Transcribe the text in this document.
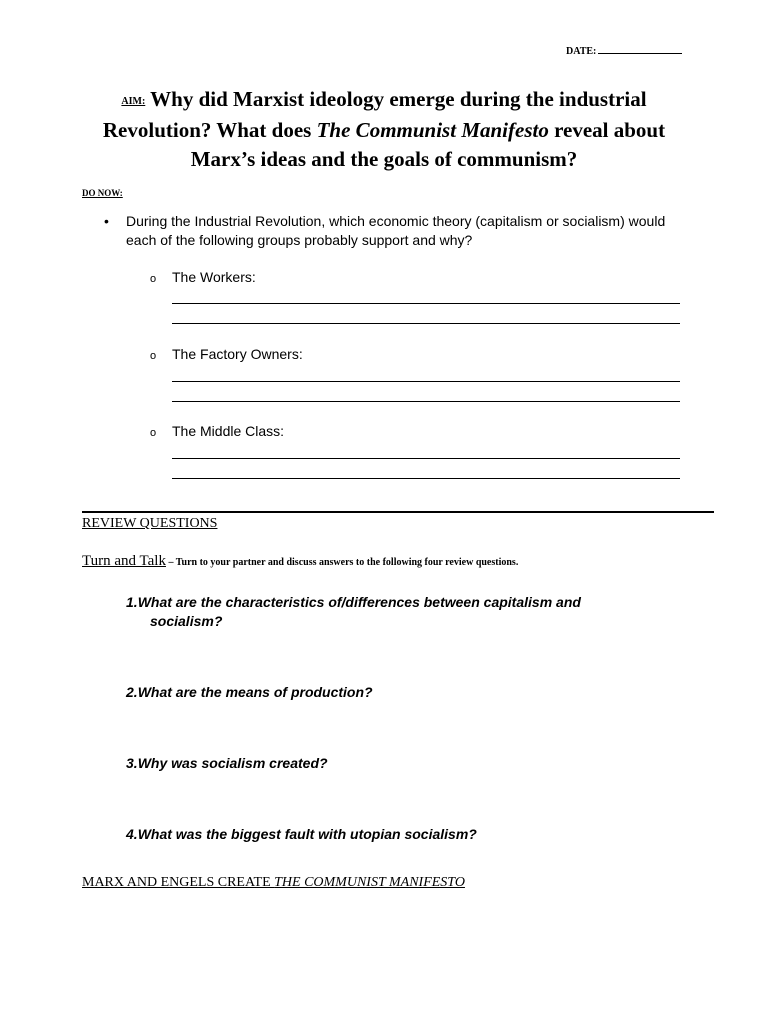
DATE:
AIM: Why did Marxist ideology emerge during the industrial Revolution? What does The Communist Manifesto reveal about Marx’s ideas and the goals of communism?
DO NOW:
• During the Industrial Revolution, which economic theory (capitalism or socialism) would each of the following groups probably support and why?
o The Workers:
o The Factory Owners:
o The Middle Class:
REVIEW QUESTIONS
Turn and Talk – Turn to your partner and discuss answers to the following four review questions.
1.What are the characteristics of/differences between capitalism and
socialism?
2.What are the means of production?
3.Why was socialism created?
4.What was the biggest fault with utopian socialism?
MARX AND ENGELS CREATE THE COMMUNIST MANIFESTO
